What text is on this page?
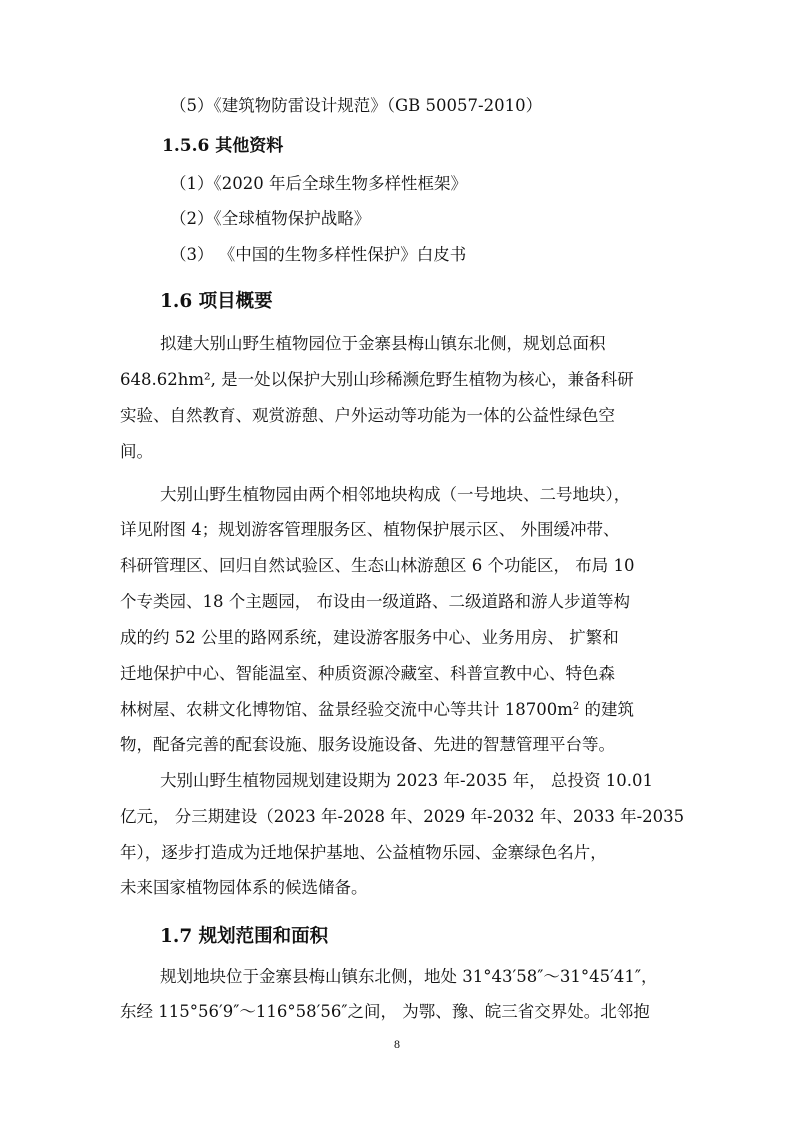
（5）《建筑物防雷设计规范》（GB 50057-2010）
1.5.6 其他资料
（1）《2020 年后全球生物多样性框架》
（2）《全球植物保护战略》
（3） 《中国的生物多样性保护》白皮书
1.6 项目概要
拟建大别山野生植物园位于金寨县梅山镇东北侧，规划总面积
648.62hm², 是一处以保护大别山珍稀濒危野生植物为核心，兼备科研
实验、自然教育、观赏游憩、户外运动等功能为一体的公益性绿色空
间。
大别山野生植物园由两个相邻地块构成（一号地块、二号地块），
详见附图 4；规划游客管理服务区、植物保护展示区、 外围缓冲带、
科研管理区、回归自然试验区、生态山林游憩区 6 个功能区， 布局 10
个专类园、18 个主题园， 布设由一级道路、二级道路和游人步道等构
成的约 52 公里的路网系统，建设游客服务中心、业务用房、 扩繁和
迁地保护中心、智能温室、种质资源冷藏室、科普宣教中心、特色森
林树屋、农耕文化博物馆、盆景经验交流中心等共计 $18700m^2$ 的建筑
物，配备完善的配套设施、服务设施设备、先进的智慧管理平台等。
大别山野生植物园规划建设期为 2023 年-2035 年， 总投资 10.01
亿元， 分三期建设（2023 年-2028 年、2029 年-2032 年、2033 年-2035
年），逐步打造成为迁地保护基地、公益植物乐园、金寨绿色名片，
未来国家植物园体系的候选储备。
1.7 规划范围和面积
规划地块位于金寨县梅山镇东北侧，地处 31°43′58″～31°45′41″，
东经 115°56′9″～116°58′56″之间， 为鄂、豫、皖三省交界处。北邻抱
8
